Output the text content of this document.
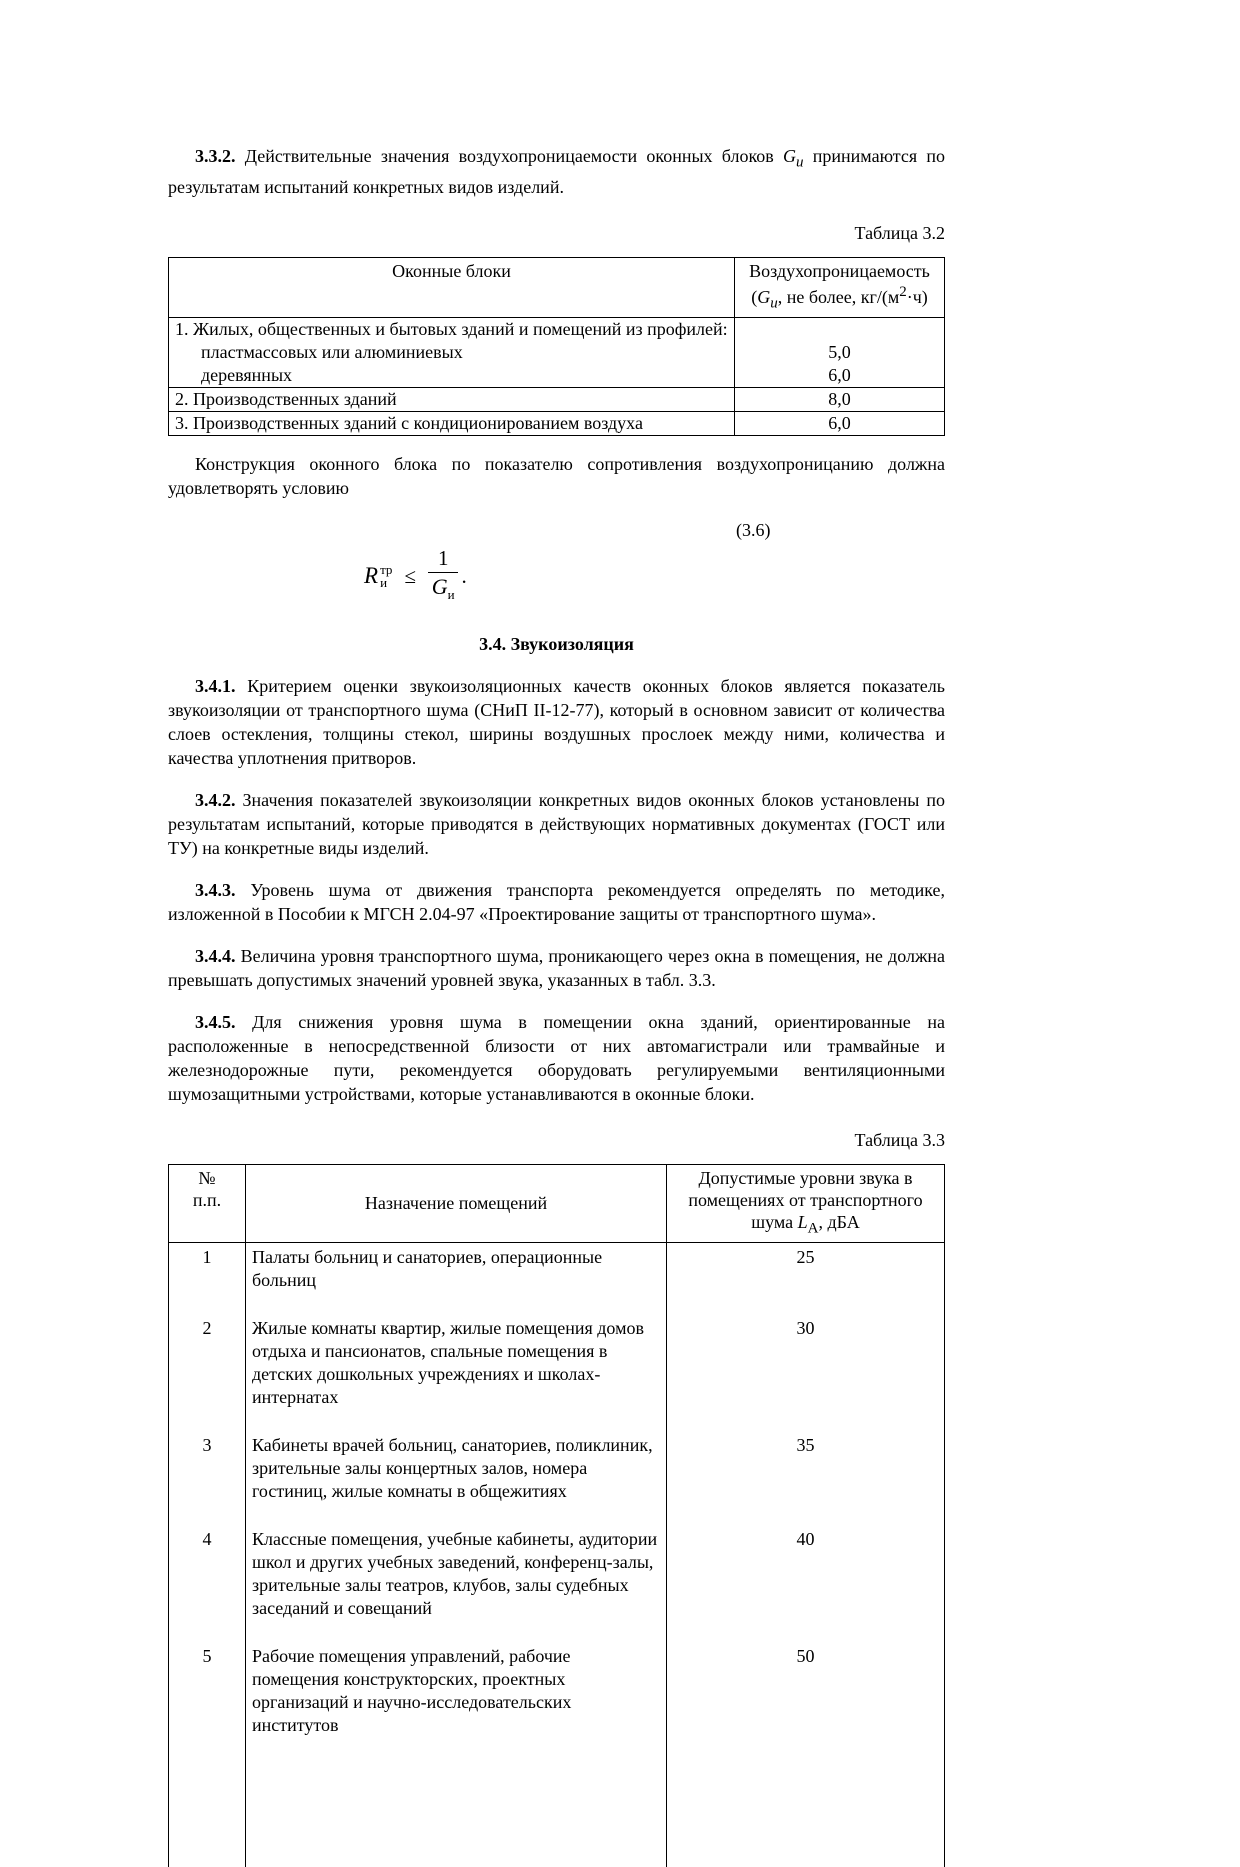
3.3.2. Действительные значения воздухопроницаемости оконных блоков $G_u$ принимаются по результатам испытаний конкретных видов изделий.

Таблица 3.2
Оконные блоки	Воздухопроницаемость
($G_u$, не более, $кг/(м^2\cdot ч)$

1. Жилых, общественных и бытовых зданий и помещений из профилей:	
пластмассовых или алюминиевых	5,0
деревянных	6,0
2. Производственных зданий	8,0
3. Производственных зданий с кондиционированием воздуха	6,0

Конструкция оконного блока по показателю сопротивления воздухопроницанию должна удовлетворять условию

(3.6)
R тр
$и \le \frac{1}{G_и}$ .
3.4. Звукоизоляция

3.4.1. Критерием оценки звукоизоляционных качеств оконных блоков является показатель звукоизоляции от транспортного шума (СНиП II-12-77), который в основном зависит от количества слоев остекления, толщины стекол, ширины воздушных прослоек между ними, количества и качества уплотнения притворов.

3.4.2. Значения показателей звукоизоляции конкретных видов оконных блоков установлены по результатам испытаний, которые приводятся в действующих нормативных документах (ГОСТ или ТУ) на конкретные виды изделий.

3.4.3. Уровень шума от движения транспорта рекомендуется определять по методике, изложенной в Пособии к МГСН 2.04-97 «Проектирование защиты от транспортного шума».

3.4.4. Величина уровня транспортного шума, проникающего через окна в помещения, не должна превышать допустимых значений уровней звука, указанных в табл. 3.3.

3.4.5. Для снижения уровня шума в помещении окна зданий, ориентированные на расположенные в непосредственной близости от них автомагистрали или трамвайные и железнодорожные пути, рекомендуется оборудовать регулируемыми вентиляционными шумозащитными устройствами, которые устанавливаются в оконные блоки.

Таблица 3.3
№
п.п.	Назначение помещений	Допустимые уровни звука в помещениях от транспортного шума $L_А$, дБА
1	Палаты больниц и санаториев, операционные больниц	25
2	Жилые комнаты квартир, жилые помещения домов отдыха и пансионатов, спальные помещения в детских дошкольных учреждениях и школах-интернатах	30
3	Кабинеты врачей больниц, санаториев, поликлиник, зрительные залы концертных залов, номера гостиниц, жилые комнаты в общежитиях	35
4	Классные помещения, учебные кабинеты, аудитории школ и других учебных заведений, конференц-залы, зрительные залы театров, клубов, залы судебных заседаний и совещаний	40
5	Рабочие помещения управлений, рабочие помещения конструкторских, проектных организаций и научно-исследовательских институтов	50
